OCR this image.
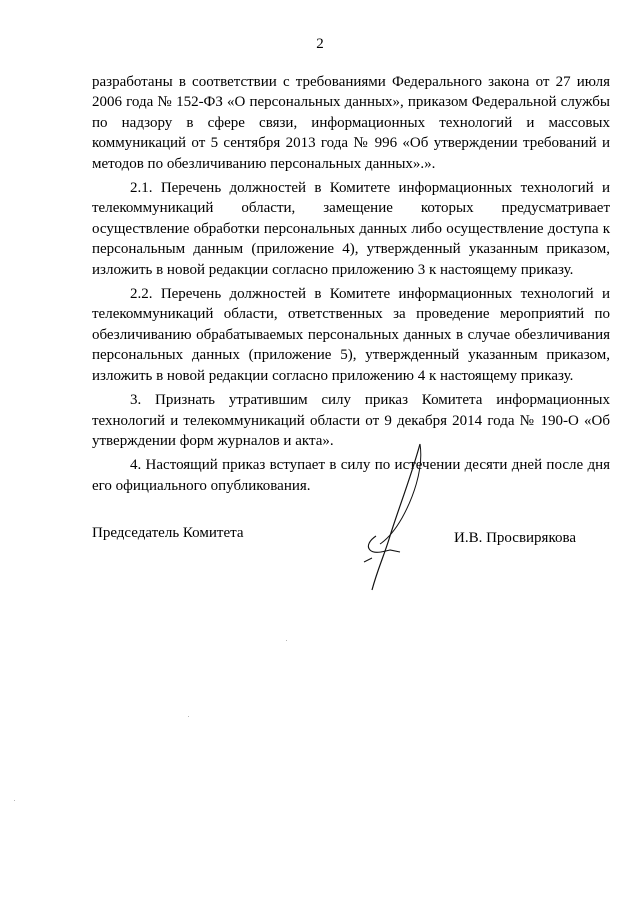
2

разработаны в соответствии с требованиями Федерального закона от 27 июля 2006 года № 152-ФЗ «О персональных данных», приказом Федеральной службы по надзору в сфере связи, информационных технологий и массовых коммуникаций от 5 сентября 2013 года № 996 «Об утверждении требований и методов по обезличиванию персональных данных».».

2.1. Перечень должностей в Комитете информационных технологий и телекоммуникаций области, замещение которых предусматривает осуществление обработки персональных данных либо осуществление доступа к персональным данным (приложение 4), утвержденный указанным приказом, изложить в новой редакции согласно приложению 3 к настоящему приказу.

2.2. Перечень должностей в Комитете информационных технологий и телекоммуникаций области, ответственных за проведение мероприятий по обезличиванию обрабатываемых персональных данных в случае обезличивания персональных данных (приложение 5), утвержденный указанным приказом, изложить в новой редакции согласно приложению 4 к настоящему приказу.

3. Признать утратившим силу приказ Комитета информационных технологий и телекоммуникаций области от 9 декабря 2014 года № 190-О «Об утверждении форм журналов и акта».

4. Настоящий приказ вступает в силу по истечении десяти дней после дня его официального опубликования.

Председатель Комитета	И.В. Просвирякова
